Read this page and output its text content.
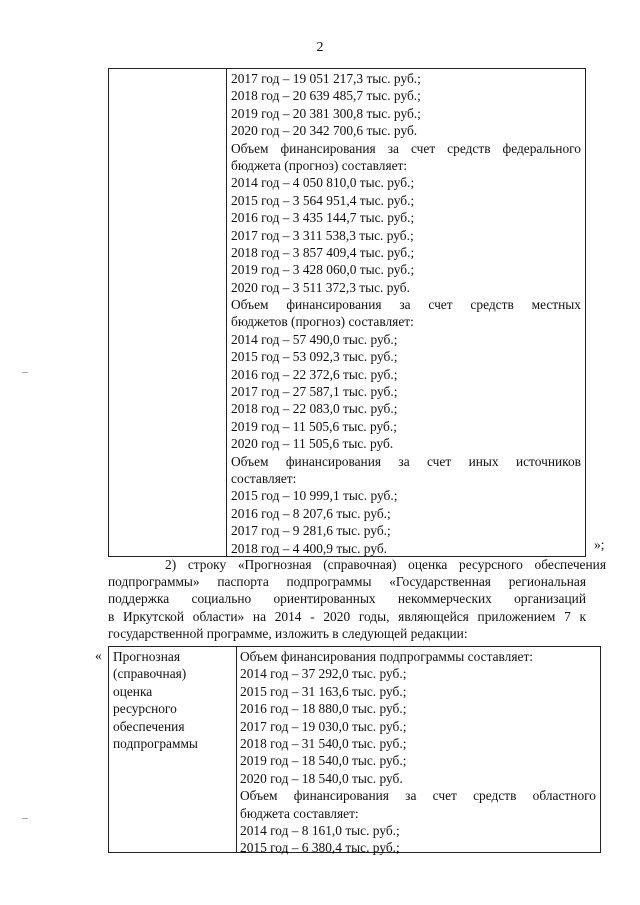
2
2017 год – 19 051 217,3 тыс. руб.;
2018 год – 20 639 485,7 тыс. руб.;
2019 год – 20 381 300,8 тыс. руб.;
2020 год – 20 342 700,6 тыс. руб.
Объем финансирования за счет средств федерального
бюджета (прогноз) составляет:
2014 год – 4 050 810,0 тыс. руб.;
2015 год – 3 564 951,4 тыс. руб.;
2016 год – 3 435 144,7 тыс. руб.;
2017 год – 3 311 538,3 тыс. руб.;
2018 год – 3 857 409,4 тыс. руб.;
2019 год – 3 428 060,0 тыс. руб.;
2020 год – 3 511 372,3 тыс. руб.
Объем финансирования за счет средств местных
бюджетов (прогноз) составляет:
2014 год – 57 490,0 тыс. руб.;
2015 год – 53 092,3 тыс. руб.;
2016 год – 22 372,6 тыс. руб.;
2017 год – 27 587,1 тыс. руб.;
2018 год – 22 083,0 тыс. руб.;
2019 год – 11 505,6 тыс. руб.;
2020 год – 11 505,6 тыс. руб.
Объем финансирования за счет иных источников
составляет:
2015 год – 10 999,1 тыс. руб.;
2016 год – 8 207,6 тыс. руб.;
2017 год – 9 281,6 тыс. руб.;
2018 год – 4 400,9 тыс. руб.	»;
2) строку «Прогнозная (справочная) оценка ресурсного обеспечения
подпрограммы» паспорта подпрограммы «Государственная региональная
поддержка социально ориентированных некоммерческих организаций
в Иркутской области» на 2014 - 2020 годы, являющейся приложением 7 к
государственной программе, изложить в следующей редакции:
« Прогнозная
(справочная)
оценка
ресурсного
обеспечения
подпрограммы
Объем финансирования подпрограммы составляет:
2014 год – 37 292,0 тыс. руб.;
2015 год – 31 163,6 тыс. руб.;
2016 год – 18 880,0 тыс. руб.;
2017 год – 19 030,0 тыс. руб.;
2018 год – 31 540,0 тыс. руб.;
2019 год – 18 540,0 тыс. руб.;
2020 год – 18 540,0 тыс. руб.
Объем финансирования за счет средств областного
бюджета составляет:
2014 год – 8 161,0 тыс. руб.;
2015 год – 6 380,4 тыс. руб.;
